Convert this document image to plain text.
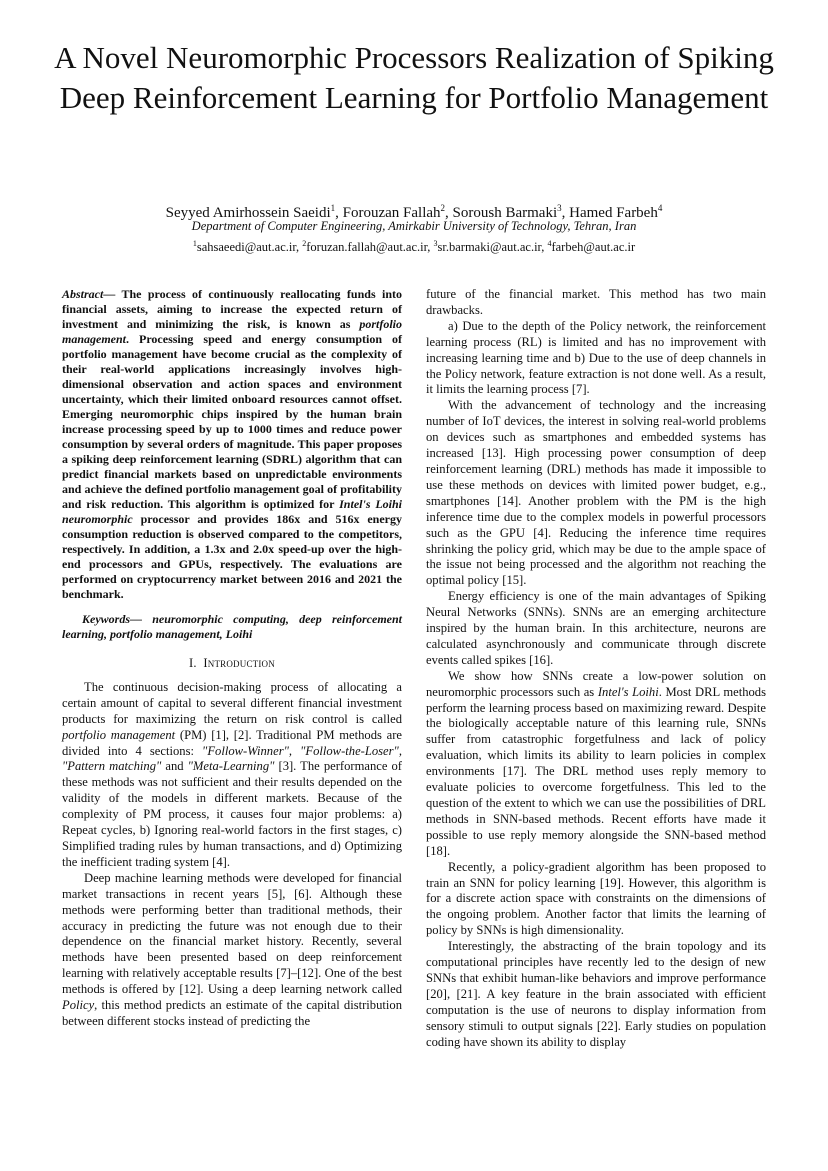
A Novel Neuromorphic Processors Realization of Spiking Deep Reinforcement Learning for Portfolio Management
Seyyed Amirhossein Saeidi$^1$, Forouzan Fallah$^2$, Soroush Barmaki$^3$, Hamed Farbeh$^4$
Department of Computer Engineering, Amirkabir University of Technology, Tehran, Iran
$^1$sahsaeedi@aut.ac.ir, $^2$foruzan.fallah@aut.ac.ir, $^3$sr.barmaki@aut.ac.ir, $^4$farbeh@aut.ac.ir

Abstract— The process of continuously reallocating funds into financial assets, aiming to increase the expected return of investment and minimizing the risk, is known as portfolio management. Processing speed and energy consumption of portfolio management have become crucial as the complexity of their real-world applications increasingly involves high-dimensional observation and action spaces and environment uncertainty, which their limited onboard resources cannot offset. Emerging neuromorphic chips inspired by the human brain increase processing speed by up to 1000 times and reduce power consumption by several orders of magnitude. This paper proposes a spiking deep reinforcement learning (SDRL) algorithm that can predict financial markets based on unpredictable environments and achieve the defined portfolio management goal of profitability and risk reduction. This algorithm is optimized for Intel's Loihi neuromorphic processor and provides 186x and 516x energy consumption reduction is observed compared to the competitors, respectively. In addition, a 1.3x and 2.0x speed-up over the high-end processors and GPUs, respectively. The evaluations are performed on cryptocurrency market between 2016 and 2021 the benchmark.

Keywords— neuromorphic computing, deep reinforcement learning, portfolio management, Loihi

I. Introduction

The continuous decision-making process of allocating a certain amount of capital to several different financial investment products for maximizing the return on risk control is called portfolio management (PM) [1], [2]. Traditional PM methods are divided into 4 sections: "Follow-Winner", "Follow-the-Loser", "Pattern matching" and "Meta-Learning" [3]. The performance of these methods was not sufficient and their results depended on the validity of the models in different markets. Because of the complexity of PM process, it causes four major problems: a) Repeat cycles, b) Ignoring real-world factors in the first stages, c) Simplified trading rules by human transactions, and d) Optimizing the inefficient trading system [4].

Deep machine learning methods were developed for financial market transactions in recent years [5], [6]. Although these methods were performing better than traditional methods, their accuracy in predicting the future was not enough due to their dependence on the financial market history. Recently, several methods have been presented based on deep reinforcement learning with relatively acceptable results [7]–[12]. One of the best methods is offered by [12]. Using a deep learning network called Policy, this method predicts an estimate of the capital distribution between different stocks instead of predicting the

future of the financial market. This method has two main drawbacks.

a) Due to the depth of the Policy network, the reinforcement learning process (RL) is limited and has no improvement with increasing learning time and b) Due to the use of deep channels in the Policy network, feature extraction is not done well. As a result, it limits the learning process [7].

With the advancement of technology and the increasing number of IoT devices, the interest in solving real-world problems on devices such as smartphones and embedded systems has increased [13]. High processing power consumption of deep reinforcement learning (DRL) methods has made it impossible to use these methods on devices with limited power budget, e.g., smartphones [14]. Another problem with the PM is the high inference time due to the complex models in powerful processors such as the GPU [4]. Reducing the inference time requires shrinking the policy grid, which may be due to the ample space of the issue not being processed and the algorithm not reaching the optimal policy [15].

Energy efficiency is one of the main advantages of Spiking Neural Networks (SNNs). SNNs are an emerging architecture inspired by the human brain. In this architecture, neurons are calculated asynchronously and communicate through discrete events called spikes [16].

We show how SNNs create a low-power solution on neuromorphic processors such as Intel's Loihi. Most DRL methods perform the learning process based on maximizing reward. Despite the biologically acceptable nature of this learning rule, SNNs suffer from catastrophic forgetfulness and lack of policy evaluation, which limits its ability to learn policies in complex environments [17]. The DRL method uses reply memory to evaluate policies to overcome forgetfulness. This led to the question of the extent to which we can use the possibilities of DRL methods in SNN-based methods. Recent efforts have made it possible to use reply memory alongside the SNN-based method [18].

Recently, a policy-gradient algorithm has been proposed to train an SNN for policy learning [19]. However, this algorithm is for a discrete action space with constraints on the dimensions of the ongoing problem. Another factor that limits the learning of policy by SNNs is high dimensionality.

Interestingly, the abstracting of the brain topology and its computational principles have recently led to the design of new SNNs that exhibit human-like behaviors and improve performance [20], [21]. A key feature in the brain associated with efficient computation is the use of neurons to display information from sensory stimuli to output signals [22]. Early studies on population coding have shown its ability to display
